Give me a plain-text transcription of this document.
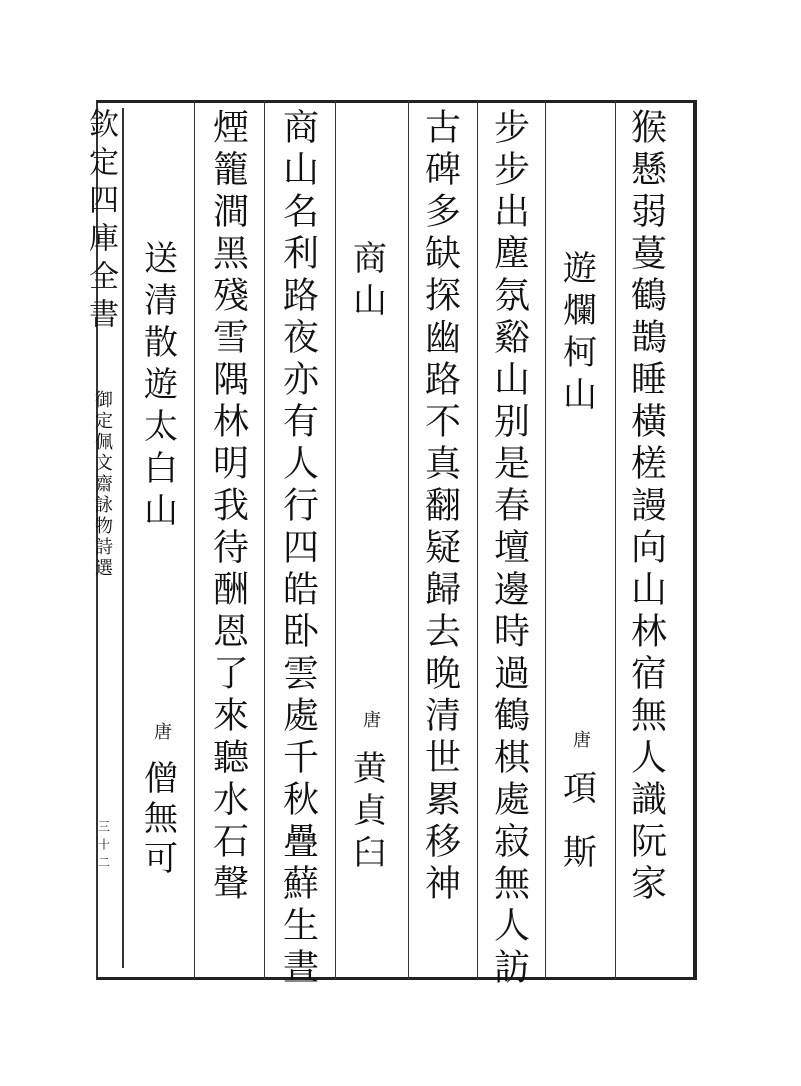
欽定四庫全書
御定佩文齋詠物詩選
三十二	猴懸弱蔓鶴鵲睡橫槎謾向山林宿無人識阮家
遊爛柯山
唐
項斯
步步出塵氛谿山别是春壇邊時過鶴棋處寂無人訪
古碑多缺探幽路不真翻疑歸去晚清世累移神
商山
唐
黄貞臼
商山名利路夜亦有人行四皓卧雲處千秋疊蘚生晝
煙籠澗黑殘雪隅林明我待酬恩了來聽水石聲
送清散遊太白山
唐
僧無可
